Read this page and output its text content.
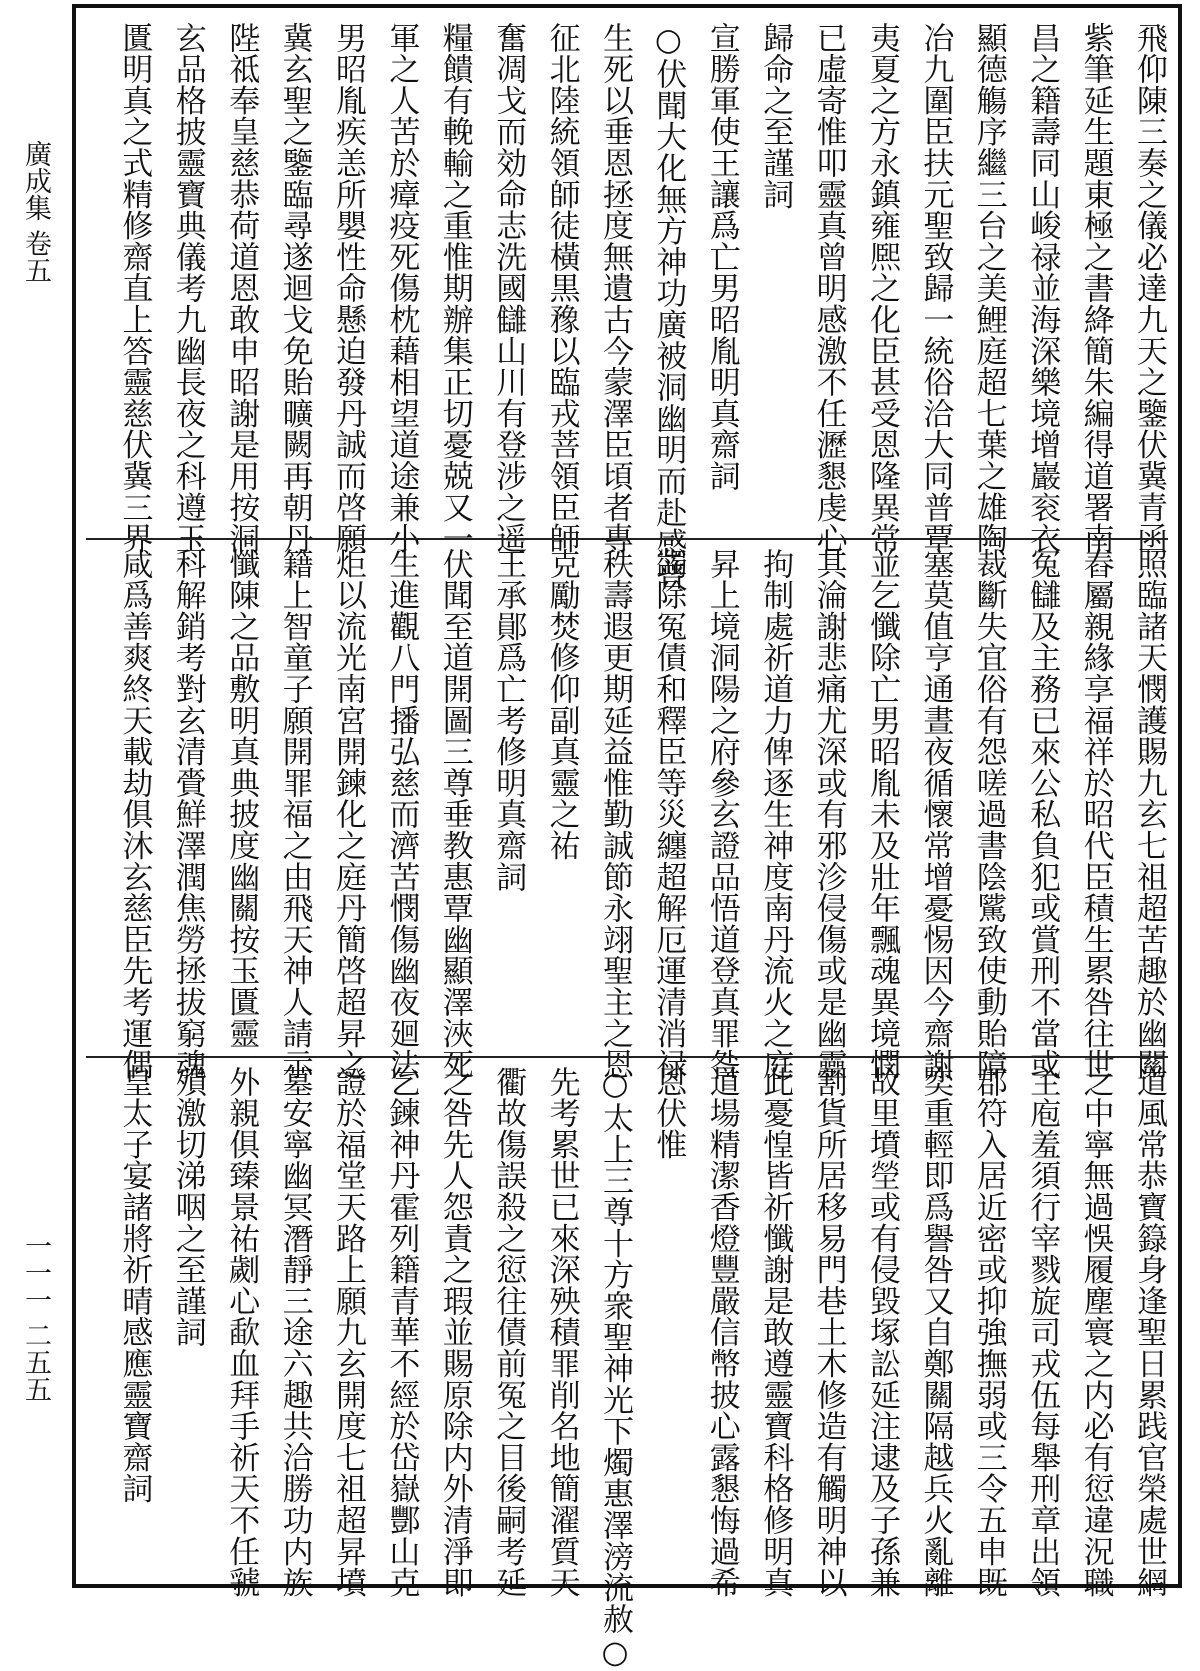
廣成集 卷五
一一一 二五五
飛仰陳三奏之儀必達九天之鑒伏冀青函
紫筆延生題東極之書絳簡朱編得道署南
昌之籍壽同山峻禄並海深樂境增巖衮衣
顯德觴序繼三台之美鯉庭超七葉之雄陶
冶九圍臣扶元聖致歸一統俗洽大同普覃
夷夏之方永鎮雍熈之化臣甚受恩隆異常
已虛寄惟叩靈真曾明感激不任瀝懇虔心
歸命之至謹詞
宣勝軍使王讓爲亡男昭胤明真齋詞
○伏聞大化無方神功廣被洞幽明而赴感普
生死以垂恩拯度無遺古今蒙澤臣頃者專
征北陸統領師徒橫黒䂊以臨戎菩領臣師
奮凋戈而効命志洗國讎山川有登涉之遥
糧饋有輓輸之重惟期辦集正切憂兢又一
軍之人苦於瘴疫死傷枕藉相望道途兼小
男昭胤疾恙所嬰性命懸迫發丹誠而啓願
冀玄聖之鑒臨尋遂迴戈免貽曠闕再朝丹
陛祗奉皇慈恭荷道恩敢申昭謝是用按洞
玄品格披靈寶典儀考九幽長夜之科遵玉
匱明真之式精修齋直上答靈慈伏冀三界
照臨諸天憫護賜九玄七祖超苦趣於幽關
舂屬親緣享福祥於昭代臣積生累咎往世
冤讎及主務已來公私負犯或賞刑不當或
裁斷失宜俗有怨嗟過書陰騭致使動貽障
塞莫值亨通晝夜循懷常增憂惕因今齋謝
並乞懺除亡男昭胤未及壯年飄魂異境憫
其淪謝悲痛尤深或有邪沴侵傷或是幽靈
拘制處祈道力俾逐生神度南丹流火之庭
昇上境洞陽之府參玄證品悟道登真罪咎
蠲除冤債和釋臣等災纏超解厄運清消禄
秩壽遐更期延益惟勤誠節永翊聖主之恩
克勵焚修仰副真靈之祐
王承鄖爲亡考修明真齋詞
伏聞至道開圖三尊垂教惠覃幽顯澤浹死
生進觀八門播弘慈而濟苦憫傷幽夜廻法
炬以流光南宮開鍊化之庭丹簡啓超昇之
籍上智童子願開罪福之由飛天神人請示
懺陳之品敷明真典披度幽關按玉匱靈
科解銷考對玄清賫鮮澤潤焦勞拯拔窮魂
咸爲善爽終天載劫俱沐玄慈臣先考運偶
道風常恭寶籙身逢聖日累践官榮處世網
之中寧無過悞履塵寰之内必有愆違況職
主庖羞須行宰戮旋司戎伍每舉刑章出領
郡符入居近密或抑強撫弱或三令五申既
奕重輕即爲譽咎又自鄭關隔越兵火亂離
故里墳塋或有侵毀塚訟延注逮及子孫兼
割貨所居移易門巷土木修造有觸明神以
此憂惶皆祈懺謝是敢遵靈寶科格修明真
道場精潔香燈豐嚴信幣披心露懇悔過希
恩伏惟
○太上三尊十方衆聖神光下燭惠澤滂流赦○
先考累世已來深殃積罪削名地簡濯質天
衢故傷誤殺之愆往債前冤之目後嗣考延
之咎先人怨責之瑕並賜原除内外清淨即
乞鍊神丹霍列籍青華不經於岱嶽酆山克
證於福堂天路上願九玄開度七祖超昇墳
墓安寧幽冥潛靜三途六趣共洽勝功内族
外親俱臻景祐劌心歃血拜手祈天不任虢
殞激切涕咽之至謹詞
皇太子宴諸將祈晴感應靈寶齋詞
